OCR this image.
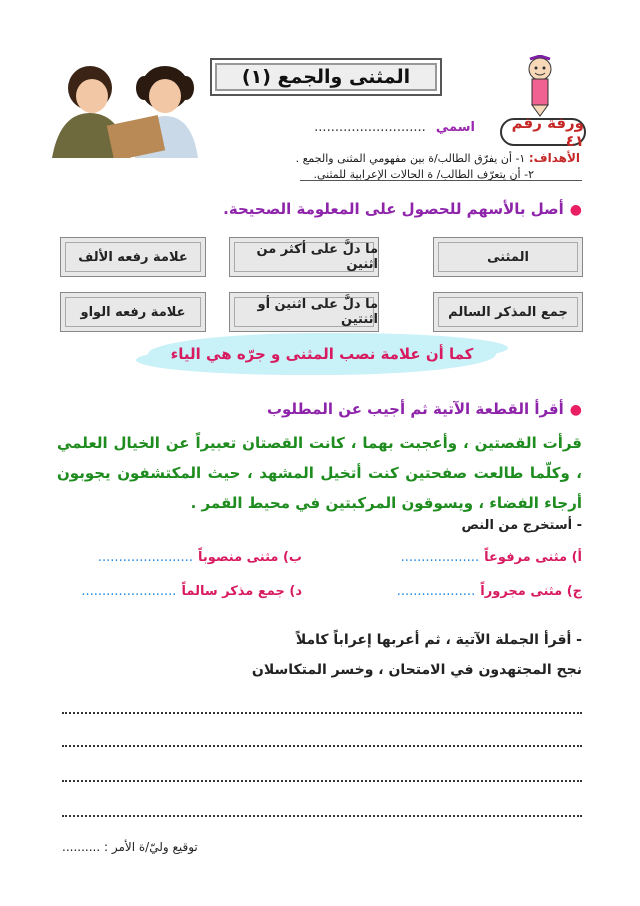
المثنى والجمع (١)
ورقة رقم ٤١
اسمي ...........................
الأهداف: ١- أن يفرّق الطالب/ة بين مفهومي المثنى والجمع .
٢- أن يتعرّف الطالب/ ة الحالات الإعرابية للمثنى.
●أصل بالأسهم للحصول على المعلومة الصحيحة.
المثنى
ما دلَّ على أكثر من اثنين
علامة رفعه الألف
جمع المذكر السالم
ما دلَّ على اثنين أو اثنتين
علامة رفعه الواو
كما أن علامة نصب المثنى و جرّه هي الياء
●أقرأ القطعة الآتية ثم أجيب عن المطلوب
قرأت القصتين ، وأعجبت بهما ، كانت القصتان تعبيراً عن الخيال العلمي ، وكلّما طالعت صفحتين كنت أتخيل المشهد ، حيث المكتشفون يجوبون أرجاء الفضاء ، ويسوقون المركبتين في محيط القمر .
- أستخرج من النص
أ) مثنى مرفوعاً ...................
ب) مثنى منصوباً .......................
ج) مثنى مجروراً ...................
د) جمع مذكر سالماً .......................
- أقرأ الجملة الآتية ، ثم أعربها إعراباً كاملاً
نجح المجتهدون في الامتحان ، وخسر المتكاسلان
توقيع وليّ/ة الأمر : ..........
